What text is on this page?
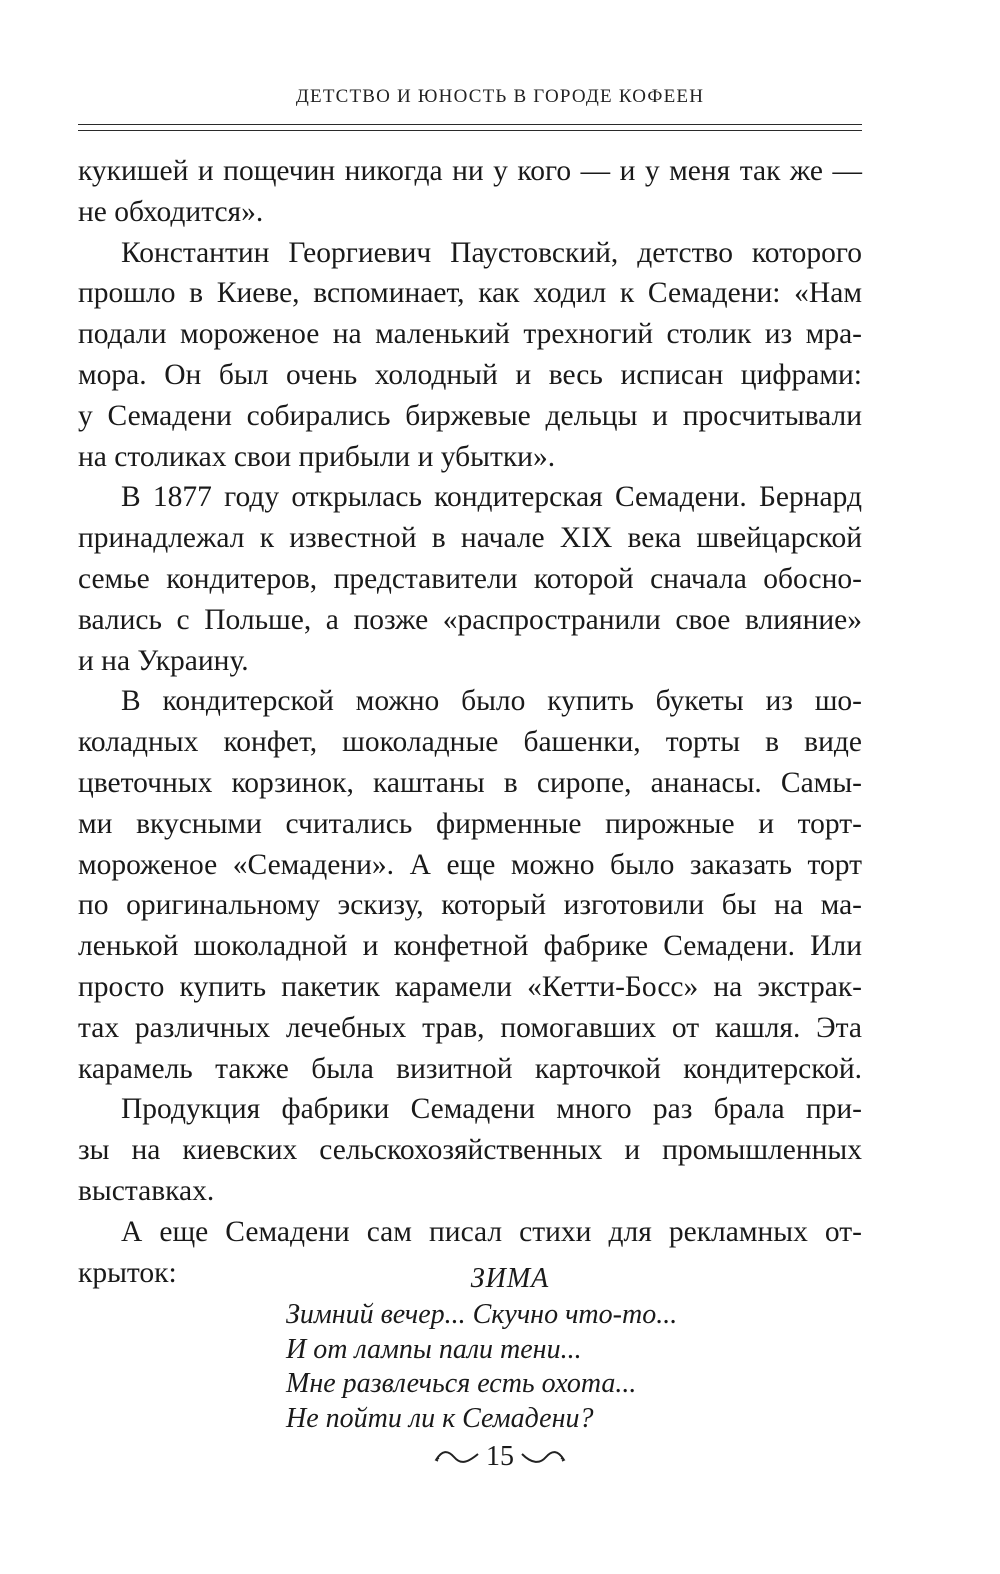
ДЕТСТВО И ЮНОСТЬ В ГОРОДЕ КОФЕЕН
кукишей и пощечин никогда ни у кого — и у меня так же —
не обходится».
Константин Георгиевич Паустовский, детство которого
прошло в Киеве, вспоминает, как ходил к Семадени: «Нам
подали мороженое на маленький трехногий столик из мра-
мора. Он был очень холодный и весь исписан цифрами:
у Семадени собирались биржевые дельцы и просчитывали
на столиках свои прибыли и убытки».
В 1877 году открылась кондитерская Семадени. Бернард
принадлежал к известной в начале XIX века швейцарской
семье кондитеров, представители которой сначала обосно-
вались с Польше, а позже «распространили свое влияние»
и на Украину.
В кондитерской можно было купить букеты из шо-
коладных конфет, шоколадные башенки, торты в виде
цветочных корзинок, каштаны в сиропе, ананасы. Самы-
ми вкусными считались фирменные пирожные и торт-
мороженое «Семадени». А еще можно было заказать торт
по оригинальному эскизу, который изготовили бы на ма-
ленькой шоколадной и конфетной фабрике Семадени. Или
просто купить пакетик карамели «Кетти-Босс» на экстрак-
тах различных лечебных трав, помогавших от кашля. Эта
карамель также была визитной карточкой кондитерской.
Продукция фабрики Семадени много раз брала при-
зы на киевских сельскохозяйственных и промышленных
выставках.
А еще Семадени сам писал стихи для рекламных от-
крыток:	ЗИМА
Зимний вечер... Скучно что-то...
И от лампы пали тени...
Мне развлечься есть охота...
Не пойти ли к Семадени?
15
